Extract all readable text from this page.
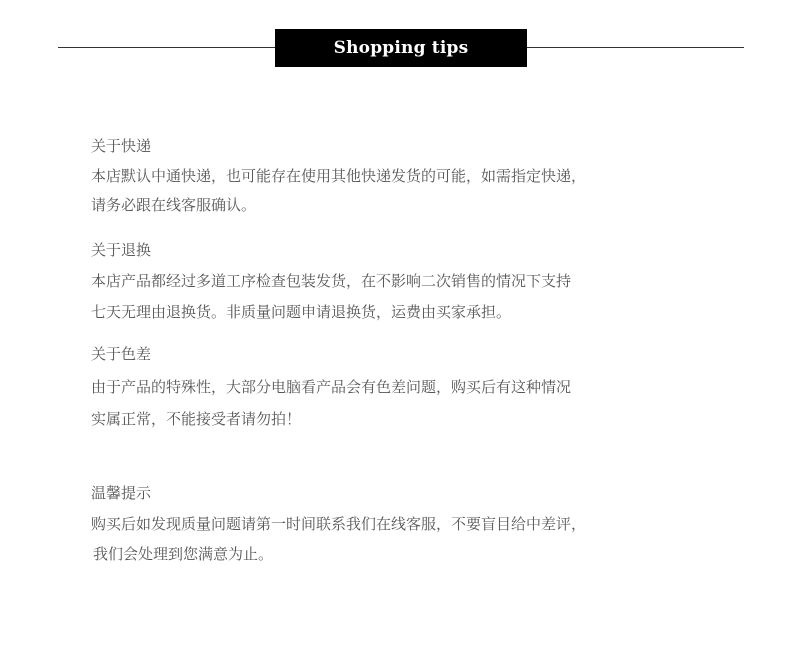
Shopping tips
关于快递
本店默认中通快递，也可能存在使用其他快递发货的可能，如需指定快递，
请务必跟在线客服确认。
关于退换
本店产品都经过多道工序检查包装发货，在不影响二次销售的情况下支持
七天无理由退换货。非质量问题申请退换货，运费由买家承担。
关于色差
由于产品的特殊性，大部分电脑看产品会有色差问题，购买后有这种情况
实属正常，不能接受者请勿拍！
温馨提示
购买后如发现质量问题请第一时间联系我们在线客服，不要盲目给中差评，
我们会处理到您满意为止。
